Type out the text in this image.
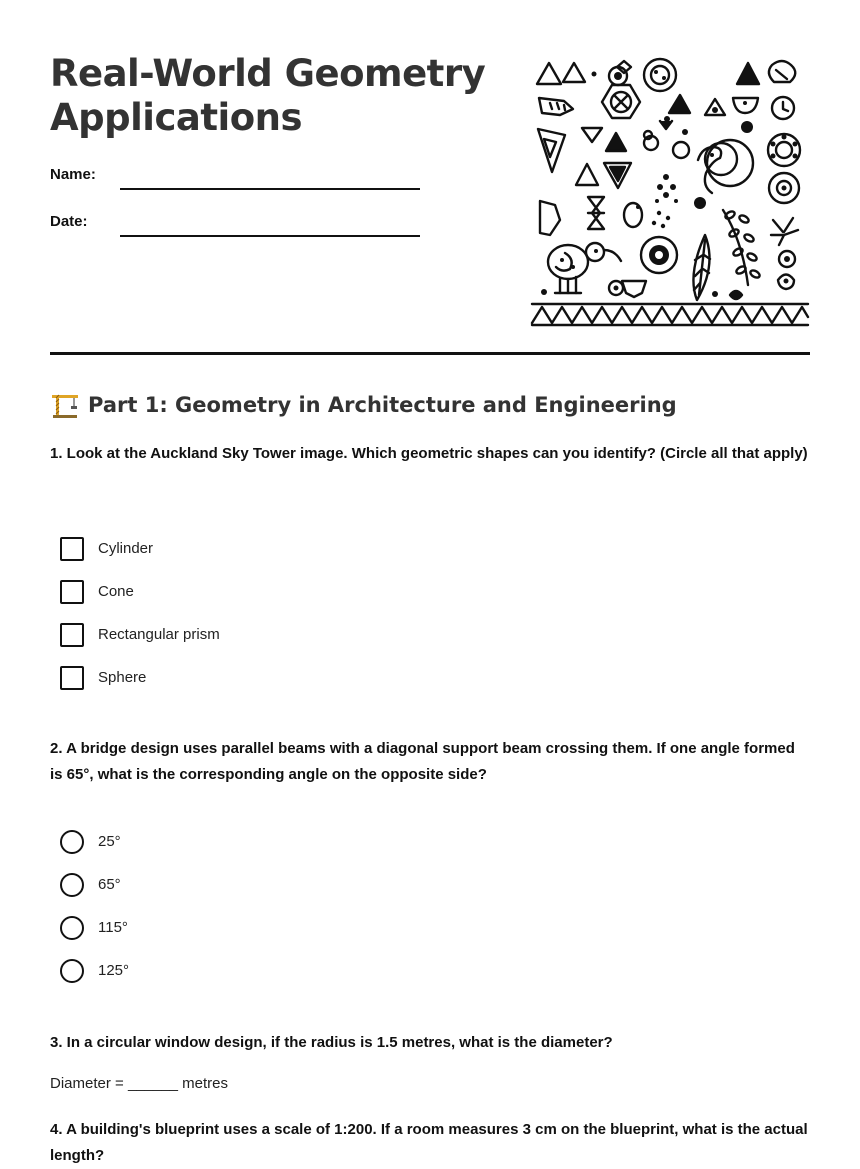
Real-World Geometry
Applications
Name:
Date:
Part 1: Geometry in Architecture and Engineering

1. Look at the Auckland Sky Tower image. Which geometric shapes can you identify? (Circle all that apply)

Cylinder
Cone
Rectangular prism
Sphere

2. A bridge design uses parallel beams with a diagonal support beam crossing them. If one angle formed is 65°, what is the corresponding angle on the opposite side?

25°
65°
115°
125°

3. In a circular window design, if the radius is 1.5 metres, what is the diameter?

Diameter = ______ metres

4. A building's blueprint uses a scale of 1:200. If a room measures 3 cm on the blueprint, what is the actual length?
